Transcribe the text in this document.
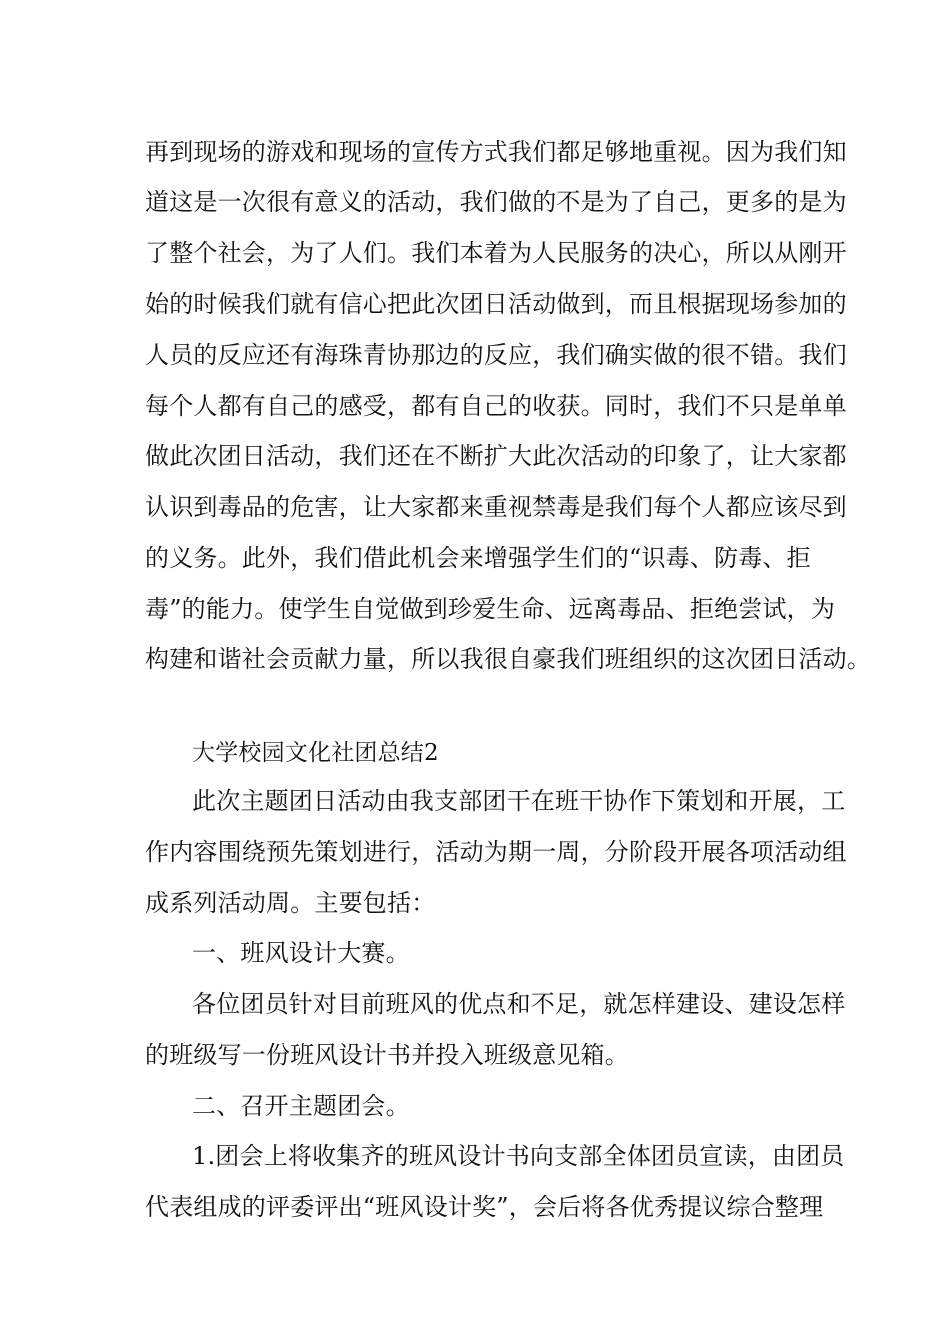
再到现场的游戏和现场的宣传方式我们都足够地重视。因为我们知
道这是一次很有意义的活动，我们做的不是为了自己，更多的是为
了整个社会，为了人们。我们本着为人民服务的决心，所以从刚开
始的时候我们就有信心把此次团日活动做到，而且根据现场参加的
人员的反应还有海珠青协那边的反应，我们确实做的很不错。我们
每个人都有自己的感受，都有自己的收获。同时，我们不只是单单
做此次团日活动，我们还在不断扩大此次活动的印象了，让大家都
认识到毒品的危害，让大家都来重视禁毒是我们每个人都应该尽到
的义务。此外，我们借此机会来增强学生们的“识毒、防毒、拒
毒”的能力。使学生自觉做到珍爱生命、远离毒品、拒绝尝试，为
构建和谐社会贡献力量，所以我很自豪我们班组织的这次团日活动。
大学校园文化社团总结2
此次主题团日活动由我支部团干在班干协作下策划和开展，工
作内容围绕预先策划进行，活动为期一周，分阶段开展各项活动组
成系列活动周。主要包括：
一、班风设计大赛。
各位团员针对目前班风的优点和不足，就怎样建设、建设怎样
的班级写一份班风设计书并投入班级意见箱。
二、召开主题团会。
1.团会上将收集齐的班风设计书向支部全体团员宣读，由团员
代表组成的评委评出“班风设计奖”，会后将各优秀提议综合整理
